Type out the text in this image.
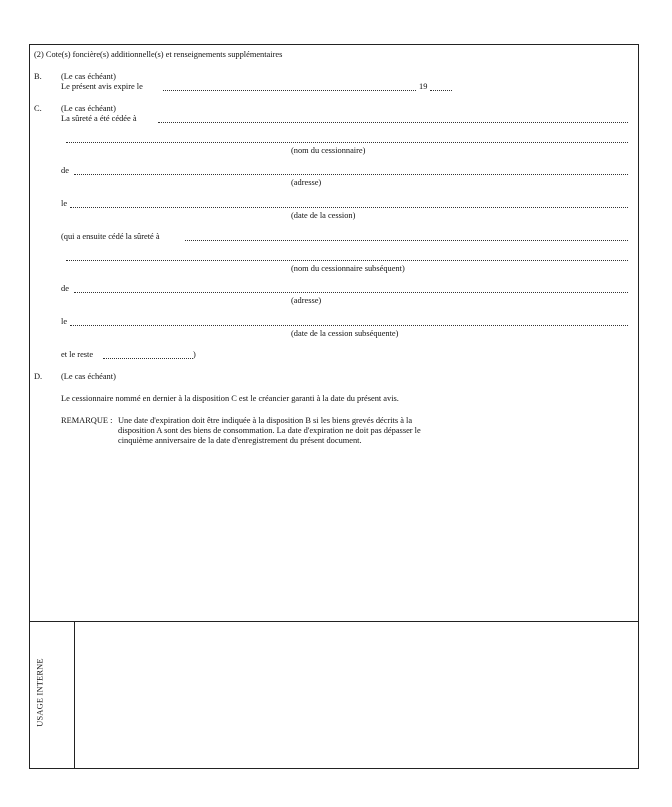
(2) Cote(s) foncière(s) additionnelle(s) et renseignements supplémentaires
B. (Le cas échéant)
Le présent avis expire le	19
C. (Le cas échéant)
La sûreté a été cédée à
(nom du cessionnaire)
de
(adresse)
le
(date de la cession)
(qui a ensuite cédé la sûreté à
(nom du cessionnaire subséquent)
de
(adresse)
le
(date de la cession subséquente)
et le reste	)
D. (Le cas échéant)
Le cessionnaire nommé en dernier à la disposition C est le créancier garanti à la date du présent avis.
REMARQUE : Une date d'expiration doit être indiquée à la disposition B si les biens grevés décrits à la
disposition A sont des biens de consommation. La date d'expiration ne doit pas dépasser le
cinquième anniversaire de la date d'enregistrement du présent document.
USAGE INTERNE
